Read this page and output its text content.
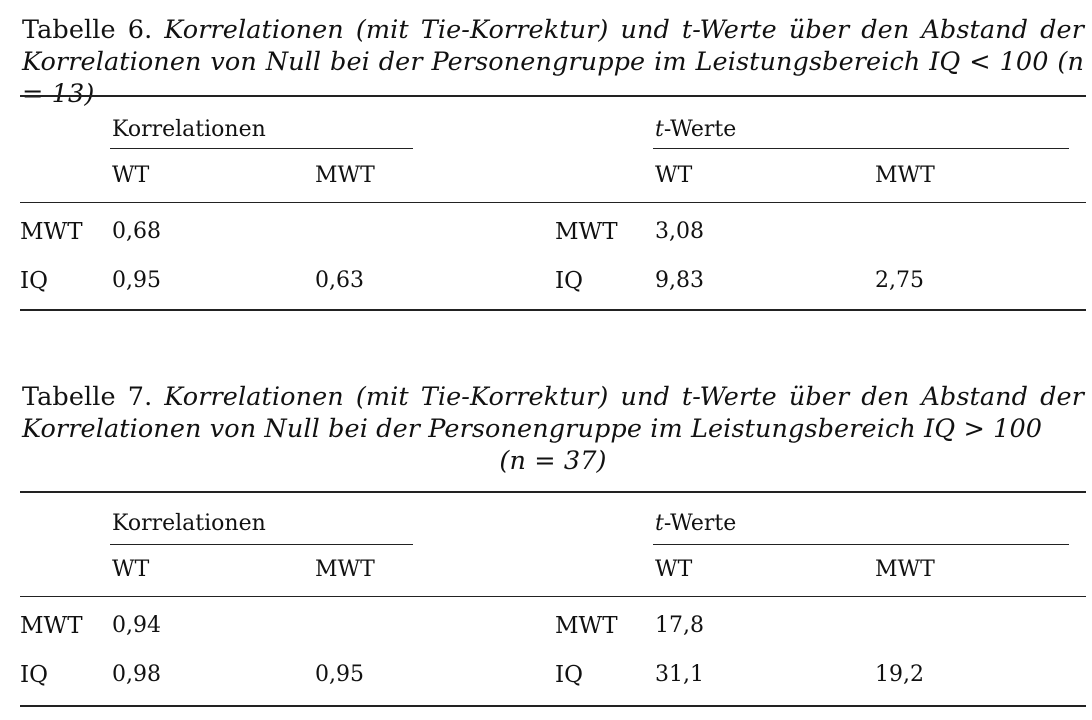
Tabelle 6. Korrelationen (mit Tie-Korrektur) und t-Werte über den Abstand der Korrelationen von Null bei der Personengruppe im Leistungsbereich IQ < 100 (n = 13)
Korrelationen	t-Werte
WT	MWT	WT	MWT
MWT 0,68	MWT 3,08
IQ	0,95	0,63	IQ	9,83	2,75
Tabelle 7. Korrelationen (mit Tie-Korrektur) und t-Werte über den Abstand der Korrelationen von Null bei der Personengruppe im Leistungsbereich IQ > 100
(n = 37)
Korrelationen	t-Werte
WT	MWT	WT	MWT
MWT 0,94	MWT 17,8
IQ	0,98	0,95	IQ	31,1	19,2
